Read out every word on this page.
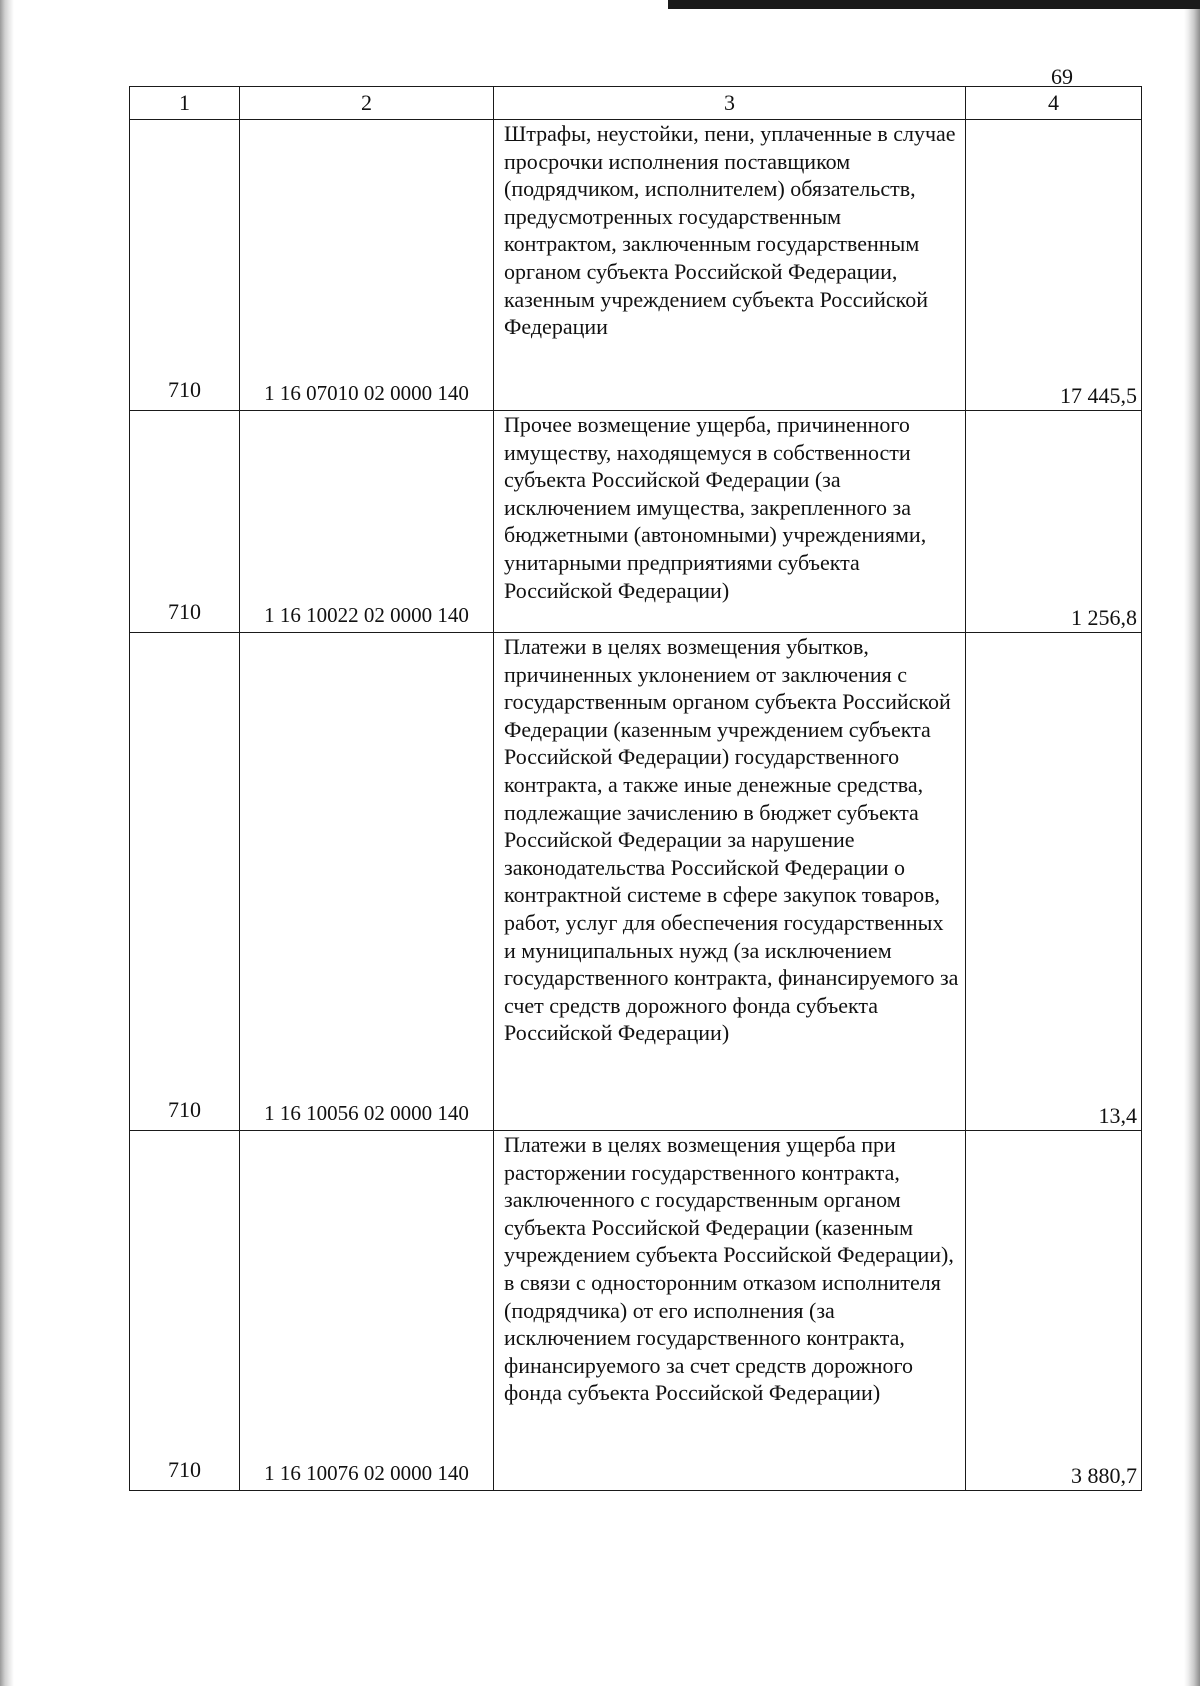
69
1	2	3	4
710	1 16 07010 02 0000 140	Штрафы, неустойки, пени, уплаченные в случае просрочки исполнения поставщиком (подрядчиком, исполнителем) обязательств, предусмотренных государственным контрактом, заключенным государственным органом субъекта Российской Федерации, казенным учреждением субъекта Российской Федерации	17 445,5
710	1 16 10022 02 0000 140	Прочее возмещение ущерба, причиненного имуществу, находящемуся в собственности субъекта Российской Федерации (за исключением имущества, закрепленного за бюджетными (автономными) учреждениями, унитарными предприятиями субъекта Российской Федерации)	1 256,8
710	1 16 10056 02 0000 140	Платежи в целях возмещения убытков, причиненных уклонением от заключения с государственным органом субъекта Российской Федерации (казенным учреждением субъекта Российской Федерации) государственного контракта, а также иные денежные средства, подлежащие зачислению в бюджет субъекта Российской Федерации за нарушение законодательства Российской Федерации о контрактной системе в сфере закупок товаров, работ, услуг для обеспечения государственных и муниципальных нужд (за исключением государственного контракта, финансируемого за счет средств дорожного фонда субъекта Российской Федерации)	13,4
710	1 16 10076 02 0000 140	Платежи в целях возмещения ущерба при расторжении государственного контракта, заключенного с государственным органом субъекта Российской Федерации (казенным учреждением субъекта Российской Федерации), в связи с односторонним отказом исполнителя (подрядчика) от его исполнения (за исключением государственного контракта, финансируемого за счет средств дорожного фонда субъекта Российской Федерации)	3 880,7
